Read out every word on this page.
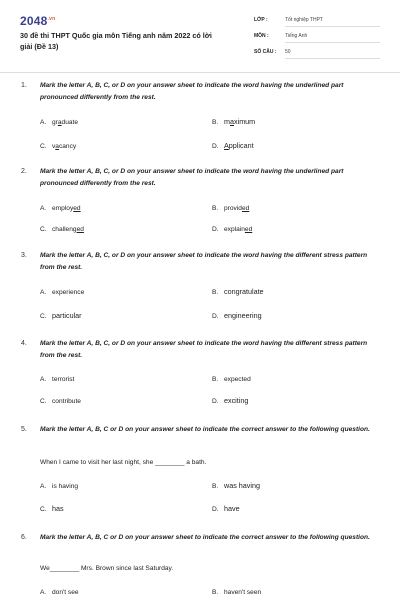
$2048^{.vn}$
30 đề thi THPT Quốc gia môn Tiếng anh năm 2022 có lời giải (Đề 13)
LỚP :	Tốt nghiệp THPT
MÔN :	Tiếng Anh
SỐ CÂU : 50
1. Mark the letter A, B, C, or D on your answer sheet to indicate the word having the underlined part pronounced differently from the rest.
A. graduate	B. maximum
C. vacancy	D. Applicant
2. Mark the letter A, B, C, or D on your answer sheet to indicate the word having the underlined part pronounced differently from the rest.
A. employed	B. provided
C. challenged	D. explained
3. Mark the letter A, B, C, or D on your answer sheet to indicate the word having the different stress pattern from the rest.
A. experience	B. congratulate
C. particular	D. engineering
4. Mark the letter A, B, C, or D on your answer sheet to indicate the word having the different stress pattern from the rest.
A. terrorist	B. expected
C. contribute	D. exciting
5. Mark the letter A, B, C or D on your answer sheet to indicate the correct answer to the following question.
When I came to visit her last night, she ________ a bath.
A. is having	B. was having
C. has	D. have
6. Mark the letter A, B, C or D on your answer sheet to indicate the correct answer to the following question.
We________ Mrs. Brown since last Saturday.
A. don't see	B. haven't seen
